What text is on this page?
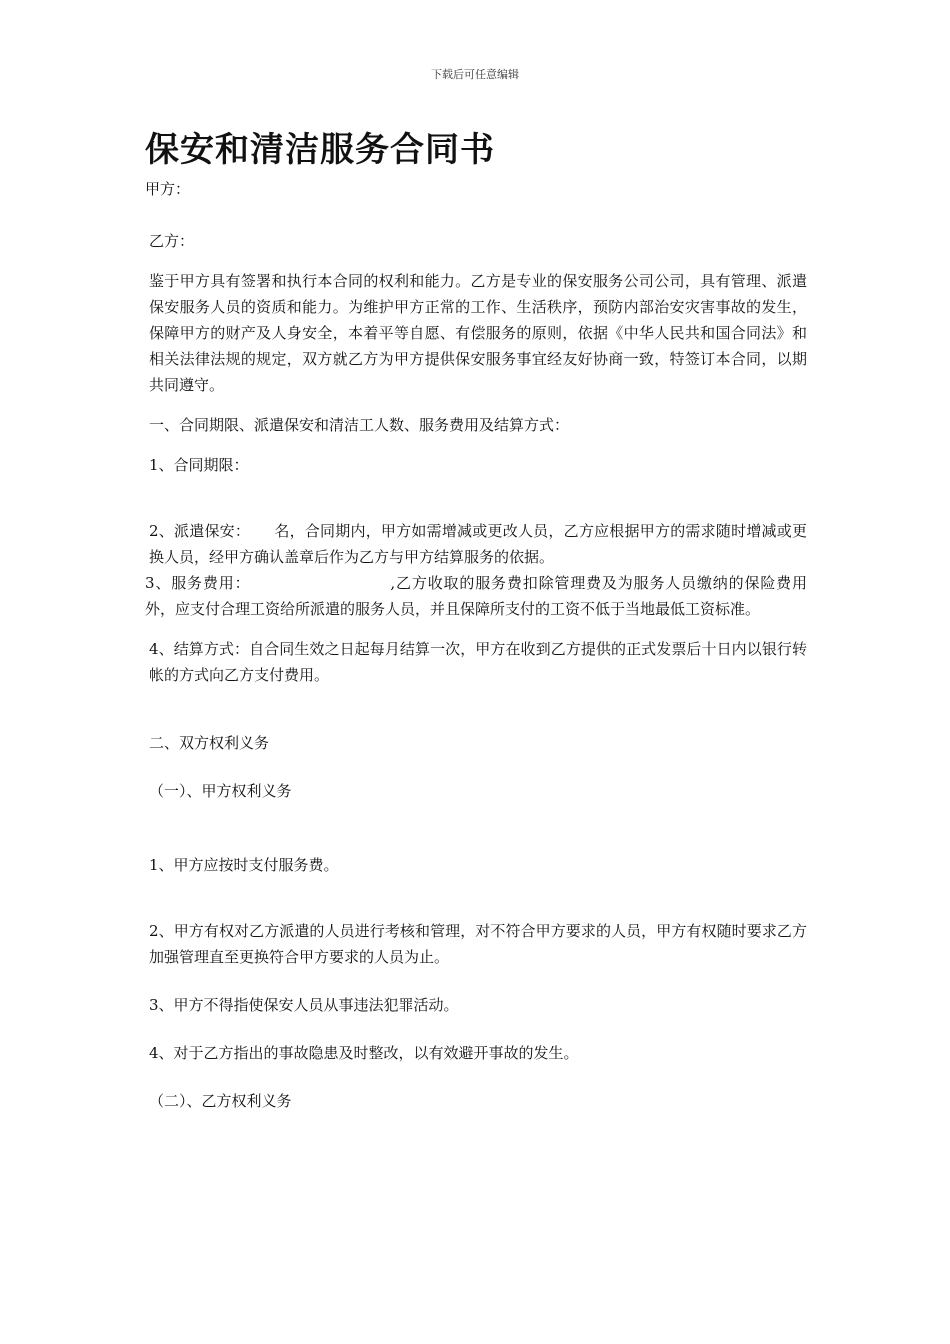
下载后可任意编辑
保安和清洁服务合同书

甲方：

乙方：

鉴于甲方具有签署和执行本合同的权利和能力。乙方是专业的保安服务公司公司，具有管理、派遣保安服务人员的资质和能力。为维护甲方正常的工作、生活秩序，预防内部治安灾害事故的发生，保障甲方的财产及人身安全，本着平等自愿、有偿服务的原则，依据《中华人民共和国合同法》和相关法律法规的规定，双方就乙方为甲方提供保安服务事宜经友好协商一致，特签订本合同，以期共同遵守。

一、合同期限、派遣保安和清洁工人数、服务费用及结算方式：

1、合同期限：

2、派遣保安： 名，合同期内，甲方如需增减或更改人员，乙方应根据甲方的需求随时增减或更换人员，经甲方确认盖章后作为乙方与甲方结算服务的依据。

3、服务费用：	,乙方收取的服务费扣除管理费及为服务人员缴纳的保险费用外，应支付合理工资给所派遣的服务人员，并且保障所支付的工资不低于当地最低工资标准。

4、结算方式：自合同生效之日起每月结算一次，甲方在收到乙方提供的正式发票后十日内以银行转帐的方式向乙方支付费用。

二、双方权利义务

（一）、甲方权利义务

1、甲方应按时支付服务费。

2、甲方有权对乙方派遣的人员进行考核和管理，对不符合甲方要求的人员，甲方有权随时要求乙方加强管理直至更换符合甲方要求的人员为止。

3、甲方不得指使保安人员从事违法犯罪活动。

4、对于乙方指出的事故隐患及时整改，以有效避开事故的发生。

（二）、乙方权利义务
